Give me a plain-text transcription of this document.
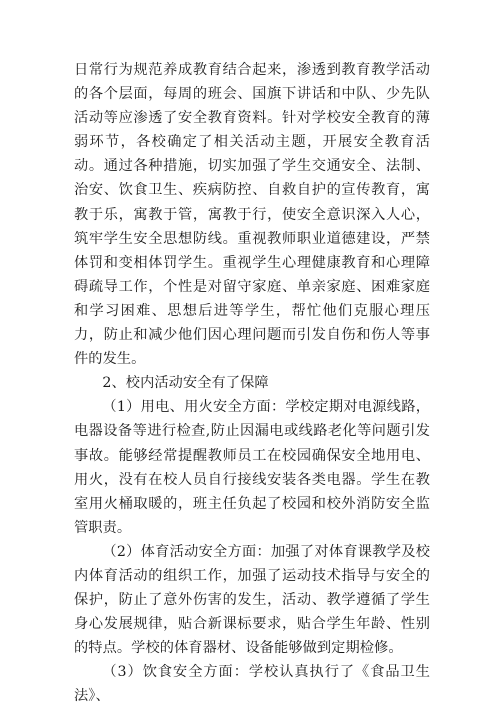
日常行为规范养成教育结合起来，渗透到教育教学活动的各个层面，每周的班会、国旗下讲话和中队、少先队活动等应渗透了安全教育资料。针对学校安全教育的薄弱环节，各校确定了相关活动主题，开展安全教育活动。通过各种措施，切实加强了学生交通安全、法制、治安、饮食卫生、疾病防控、自救自护的宣传教育，寓教于乐，寓教于管，寓教于行，使安全意识深入人心，筑牢学生安全思想防线。重视教师职业道德建设，严禁体罚和变相体罚学生。重视学生心理健康教育和心理障碍疏导工作，个性是对留守家庭、单亲家庭、困难家庭和学习困难、思想后进等学生，帮忙他们克服心理压力，防止和减少他们因心理问题而引发自伤和伤人等事件的发生。

2、校内活动安全有了保障

（1）用电、用火安全方面：学校定期对电源线路，电器设备等进行检查,防止因漏电或线路老化等问题引发事故。能够经常提醒教师员工在校园确保安全地用电、用火，没有在校人员自行接线安装各类电器。学生在教室用火桶取暖的，班主任负起了校园和校外消防安全监管职责。

（2）体育活动安全方面：加强了对体育课教学及校内体育活动的组织工作，加强了运动技术指导与安全的保护，防止了意外伤害的发生，活动、教学遵循了学生身心发展规律，贴合新课标要求，贴合学生年龄、性别的特点。学校的体育器材、设备能够做到定期检修。

（3）饮食安全方面：学校认真执行了《食品卫生法》、
